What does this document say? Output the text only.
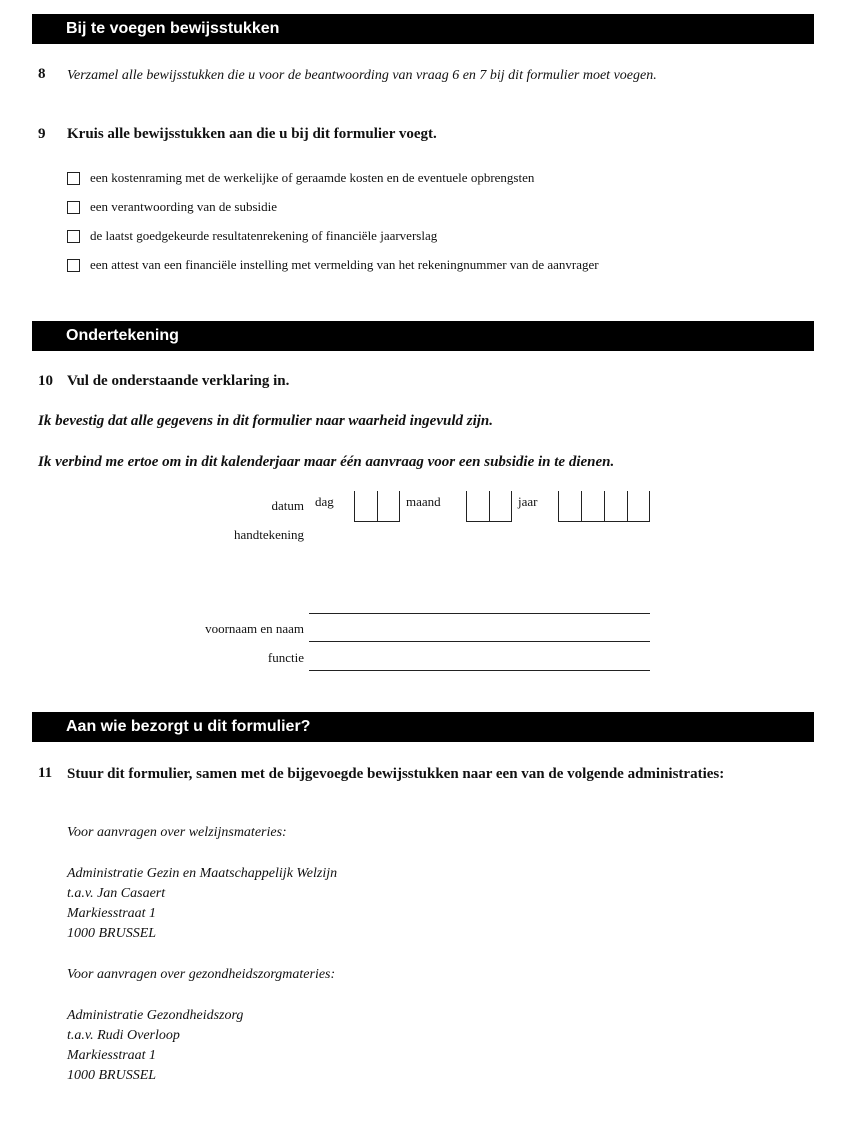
Bij te voegen bewijsstukken
8 Verzamel alle bewijsstukken die u voor de beantwoording van vraag 6 en 7 bij dit formulier moet voegen.
9 Kruis alle bewijsstukken aan die u bij dit formulier voegt.
een kostenraming met de werkelijke of geraamde kosten en de eventuele opbrengsten
een verantwoording van de subsidie
de laatst goedgekeurde resultatenrekening of financiële jaarverslag
een attest van een financiële instelling met vermelding van het rekeningnummer van de aanvrager
Ondertekening
10 Vul de onderstaande verklaring in.
Ik bevestig dat alle gegevens in dit formulier naar waarheid ingevuld zijn.
Ik verbind me ertoe om in dit kalenderjaar maar één aanvraag voor een subsidie in te dienen.
datum dag	maand	jaar
handtekening
voornaam en naam
functie
Aan wie bezorgt u dit formulier?
11 Stuur dit formulier, samen met de bijgevoegde bewijsstukken naar een van de volgende administraties:
Voor aanvragen over welzijnsmateries:
Administratie Gezin en Maatschappelijk Welzijn
t.a.v. Jan Casaert
Markiesstraat 1
1000 BRUSSEL
Voor aanvragen over gezondheidszorgmateries:
Administratie Gezondheidszorg
t.a.v. Rudi Overloop
Markiesstraat 1
1000 BRUSSEL
